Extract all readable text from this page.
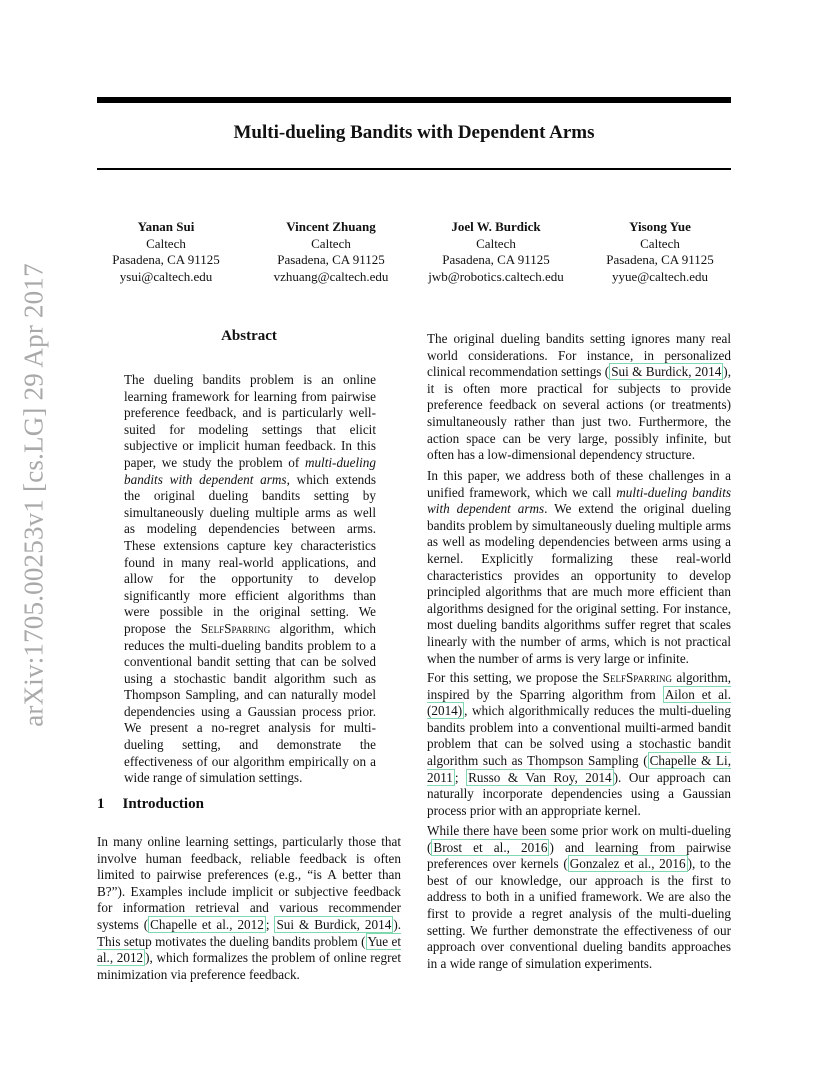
Multi-dueling Bandits with Dependent Arms
arXiv:1705.00253v1 [cs.LG] 29 Apr 2017
Yanan Sui
Caltech
Pasadena, CA 91125
ysui@caltech.edu
Vincent Zhuang
Caltech
Pasadena, CA 91125
vzhuang@caltech.edu
Joel W. Burdick
Caltech
Pasadena, CA 91125
jwb@robotics.caltech.edu
Yisong Yue
Caltech
Pasadena, CA 91125
yyue@caltech.edu
Abstract

The dueling bandits problem is an online learning framework for learning from pairwise preference feedback, and is particularly well-suited for modeling settings that elicit subjective or implicit human feedback. In this paper, we study the problem of multi-dueling bandits with dependent arms, which extends the original dueling bandits setting by simultaneously dueling multiple arms as well as modeling dependencies between arms. These extensions capture key characteristics found in many real-world applications, and allow for the opportunity to develop significantly more efficient algorithms than were possible in the original setting. We propose the SelfSparring algorithm, which reduces the multi-dueling bandits problem to a conventional bandit setting that can be solved using a stochastic bandit algorithm such as Thompson Sampling, and can naturally model dependencies using a Gaussian process prior. We present a no-regret analysis for multi-dueling setting, and demonstrate the effectiveness of our algorithm empirically on a wide range of simulation settings.

1 Introduction

In many online learning settings, particularly those that involve human feedback, reliable feedback is often limited to pairwise preferences (e.g., “is A better than B?”). Examples include implicit or subjective feedback for information retrieval and various recommender systems ( Chapelle et al., 2012 ; Sui & Burdick, 2014 ). This setup motivates the dueling bandits problem ( Yue et al., 2012 ), which formalizes the problem of online regret minimization via preference feedback.

The original dueling bandits setting ignores many real world considerations. For instance, in personalized clinical recommendation settings ( Sui & Burdick, 2014 ), it is often more practical for subjects to provide preference feedback on several actions (or treatments) simultaneously rather than just two. Furthermore, the action space can be very large, possibly infinite, but often has a low-dimensional dependency structure.

In this paper, we address both of these challenges in a unified framework, which we call multi-dueling bandits with dependent arms. We extend the original dueling bandits problem by simultaneously dueling multiple arms as well as modeling dependencies between arms using a kernel. Explicitly formalizing these real-world characteristics provides an opportunity to develop principled algorithms that are much more efficient than algorithms designed for the original setting. For instance, most dueling bandits algorithms suffer regret that scales linearly with the number of arms, which is not practical when the number of arms is very large or infinite.

For this setting, we propose the SelfSparring algorithm, inspired by the Sparring algorithm from Ailon et al. (2014) , which algorithmically reduces the multi-dueling bandits problem into a conventional muilti-armed bandit problem that can be solved using a stochastic bandit algorithm such as Thompson Sampling ( Chapelle & Li, 2011 ; Russo & Van Roy, 2014 ). Our approach can naturally incorporate dependencies using a Gaussian process prior with an appropriate kernel.

While there have been some prior work on multi-dueling ( Brost et al., 2016 ) and learning from pairwise preferences over kernels ( Gonzalez et al., 2016 ), to the best of our knowledge, our approach is the first to address to both in a unified framework. We are also the first to provide a regret analysis of the multi-dueling setting. We further demonstrate the effectiveness of our approach over conventional dueling bandits approaches in a wide range of simulation experiments.
